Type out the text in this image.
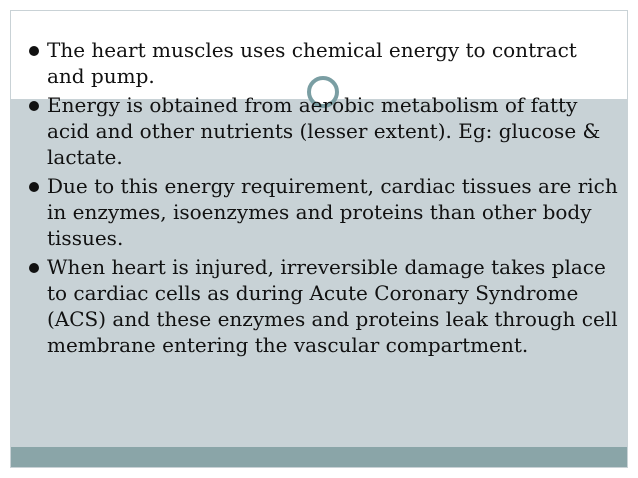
The heart muscles uses chemical energy to contract and pump.
Energy is obtained from aerobic metabolism of fatty acid and other nutrients (lesser extent). Eg: glucose & lactate.
Due to this energy requirement, cardiac tissues are rich in enzymes, isoenzymes and proteins than other body tissues.
When heart is injured, irreversible damage takes place to cardiac cells as during Acute Coronary Syndrome (ACS) and these enzymes and proteins leak through cell membrane entering the vascular compartment.
